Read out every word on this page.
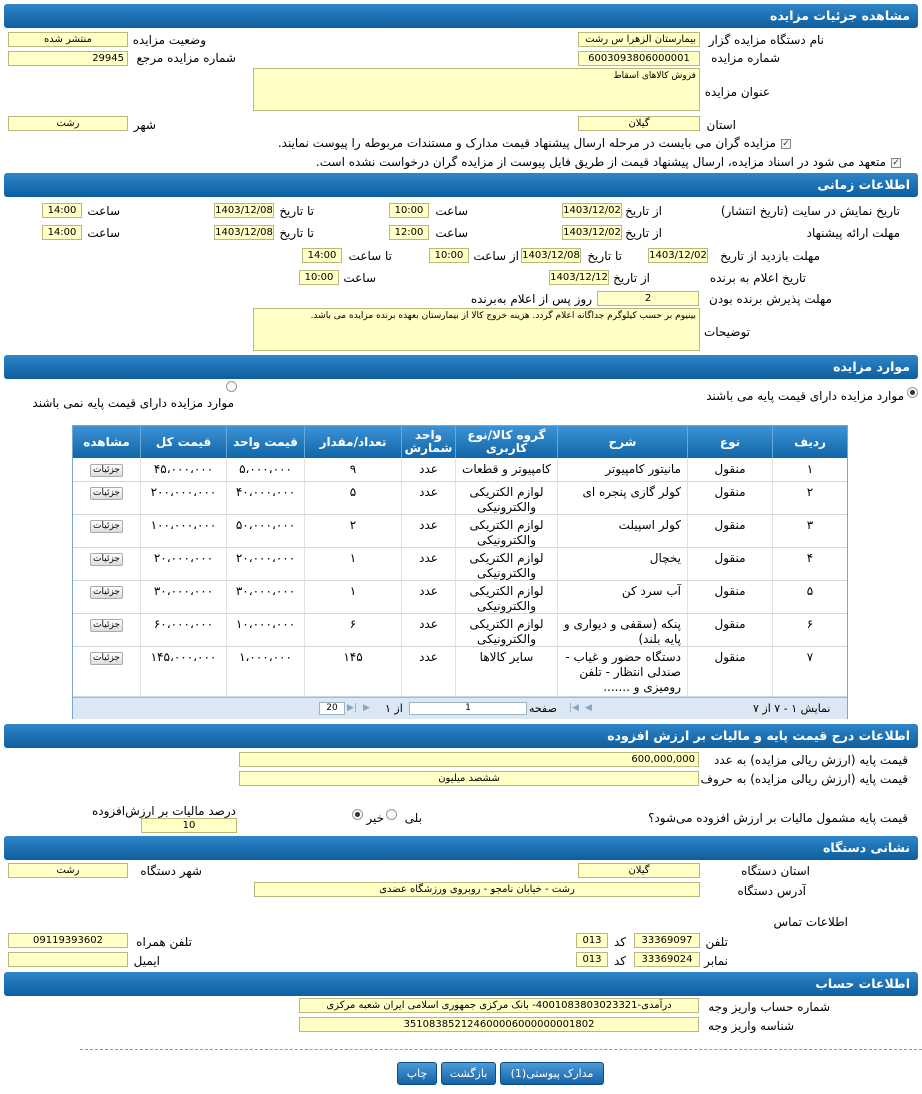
مشاهده جزئیات مزایده
نام دستگاه مزایده گزار
بیمارستان الزهرا س رشت
وضعیت مزایده
منتشر شده
شماره مزایده
6003093806000001
شماره مزایده مرجع
29945
عنوان مزایده
فروش کالاهای اسقاط
استان
گیلان
شهر
رشت
✓
مزایده گران می بایست در مرحله ارسال پیشنهاد قیمت مدارک و مستندات مربوطه را پیوست نمایند.
✓
متعهد می شود در اسناد مزایده، ارسال پیشنهاد قیمت از طریق فایل پیوست از مزایده گران درخواست نشده است.
اطلاعات زمانی
تاریخ نمایش در سایت (تاریخ انتشار)
از تاریخ
1403/12/02
ساعت
10:00
تا تاریخ
1403/12/08
ساعت
14:00
مهلت ارائه پیشنهاد
از تاریخ
1403/12/02
ساعت
12:00
تا تاریخ
1403/12/08
ساعت
14:00
مهلت بازدید از تاریخ
1403/12/02
تا تاریخ
1403/12/08
از ساعت
10:00
تا ساعت
14:00
تاریخ اعلام به برنده
از تاریخ
1403/12/12
ساعت
10:00
مهلت پذیرش برنده بودن
2
روز پس از اعلام به‌برنده
توضیحات
بینیوم بر حسب کیلوگرم جداگانه اعلام گردد. هزینه خروج کالا از بیمارستان بعهده برنده مزایده می باشد.
موارد مزایده
موارد مزایده دارای قیمت پایه می باشند
موارد مزایده دارای قیمت پایه نمی باشند
ردیف
نوع
شرح
گروه کالا/نوع کاربری
واحد شمارش
تعداد/مقدار
قیمت واحد
قیمت کل
مشاهده
۱
منقول
مانیتور کامپیوتر
کامپیوتر و قطعات
عدد
۹
۵،۰۰۰،۰۰۰
۴۵،۰۰۰،۰۰۰
جزئیات
۲
منقول
کولر گازی پنجره ای
لوازم الکتریکی والکترونیکی
عدد
۵
۴۰،۰۰۰،۰۰۰
۲۰۰،۰۰۰،۰۰۰
جزئیات
۳
منقول
کولر اسپیلت
لوازم الکتریکی والکترونیکی
عدد
۲
۵۰،۰۰۰،۰۰۰
۱۰۰،۰۰۰،۰۰۰
جزئیات
۴
منقول
یخچال
لوازم الکتریکی والکترونیکی
عدد
۱
۲۰،۰۰۰،۰۰۰
۲۰،۰۰۰،۰۰۰
جزئیات
۵
منقول
آب سرد کن
لوازم الکتریکی والکترونیکی
عدد
۱
۳۰،۰۰۰،۰۰۰
۳۰،۰۰۰،۰۰۰
جزئیات
۶
منقول
پنکه (سقفی و دیواری و پایه بلند)
لوازم الکتریکی والکترونیکی
عدد
۶
۱۰،۰۰۰،۰۰۰
۶۰،۰۰۰،۰۰۰
جزئیات
۷
منقول
دستگاه حضور و غیاب - صندلی انتظار - تلفن رومیزی و .......
سایر کالاها
عدد
۱۴۵
۱،۰۰۰،۰۰۰
۱۴۵،۰۰۰،۰۰۰
جزئیات
نمایش ۱ - ۷ از ۷
|◀ ◀
صفحه
1
از ۱
▶
▶|
20
اطلاعات درج قیمت پایه و مالیات بر ارزش افزوده
قیمت پایه (ارزش ریالی مزایده) به عدد
600,000,000
قیمت پایه (ارزش ریالی مزایده) به حروف
ششصد میلیون
قیمت پایه مشمول مالیات بر ارزش افزوده می‌شود؟
بلی
خیر
درصد مالیات بر ارزش‌افزوده
10
نشانی دستگاه
استان دستگاه
گیلان
شهر دستگاه
رشت
آدرس دستگاه
رشت - خیابان نامجو - روبروی ورزشگاه عضدی
اطلاعات تماس
تلفن
33369097
کد
013
تلفن همراه
09119393602
نمابر
33369024
کد
013
ایمیل
اطلاعات حساب
شماره حساب واریز وجه
درآمدی-4001083803023321- بانک مرکزی جمهوری اسلامی ایران شعبه مرکزی
شناسه واریز وجه
351083852124600006000000001802
مدارک پیوستی(1)
بازگشت
چاپ
